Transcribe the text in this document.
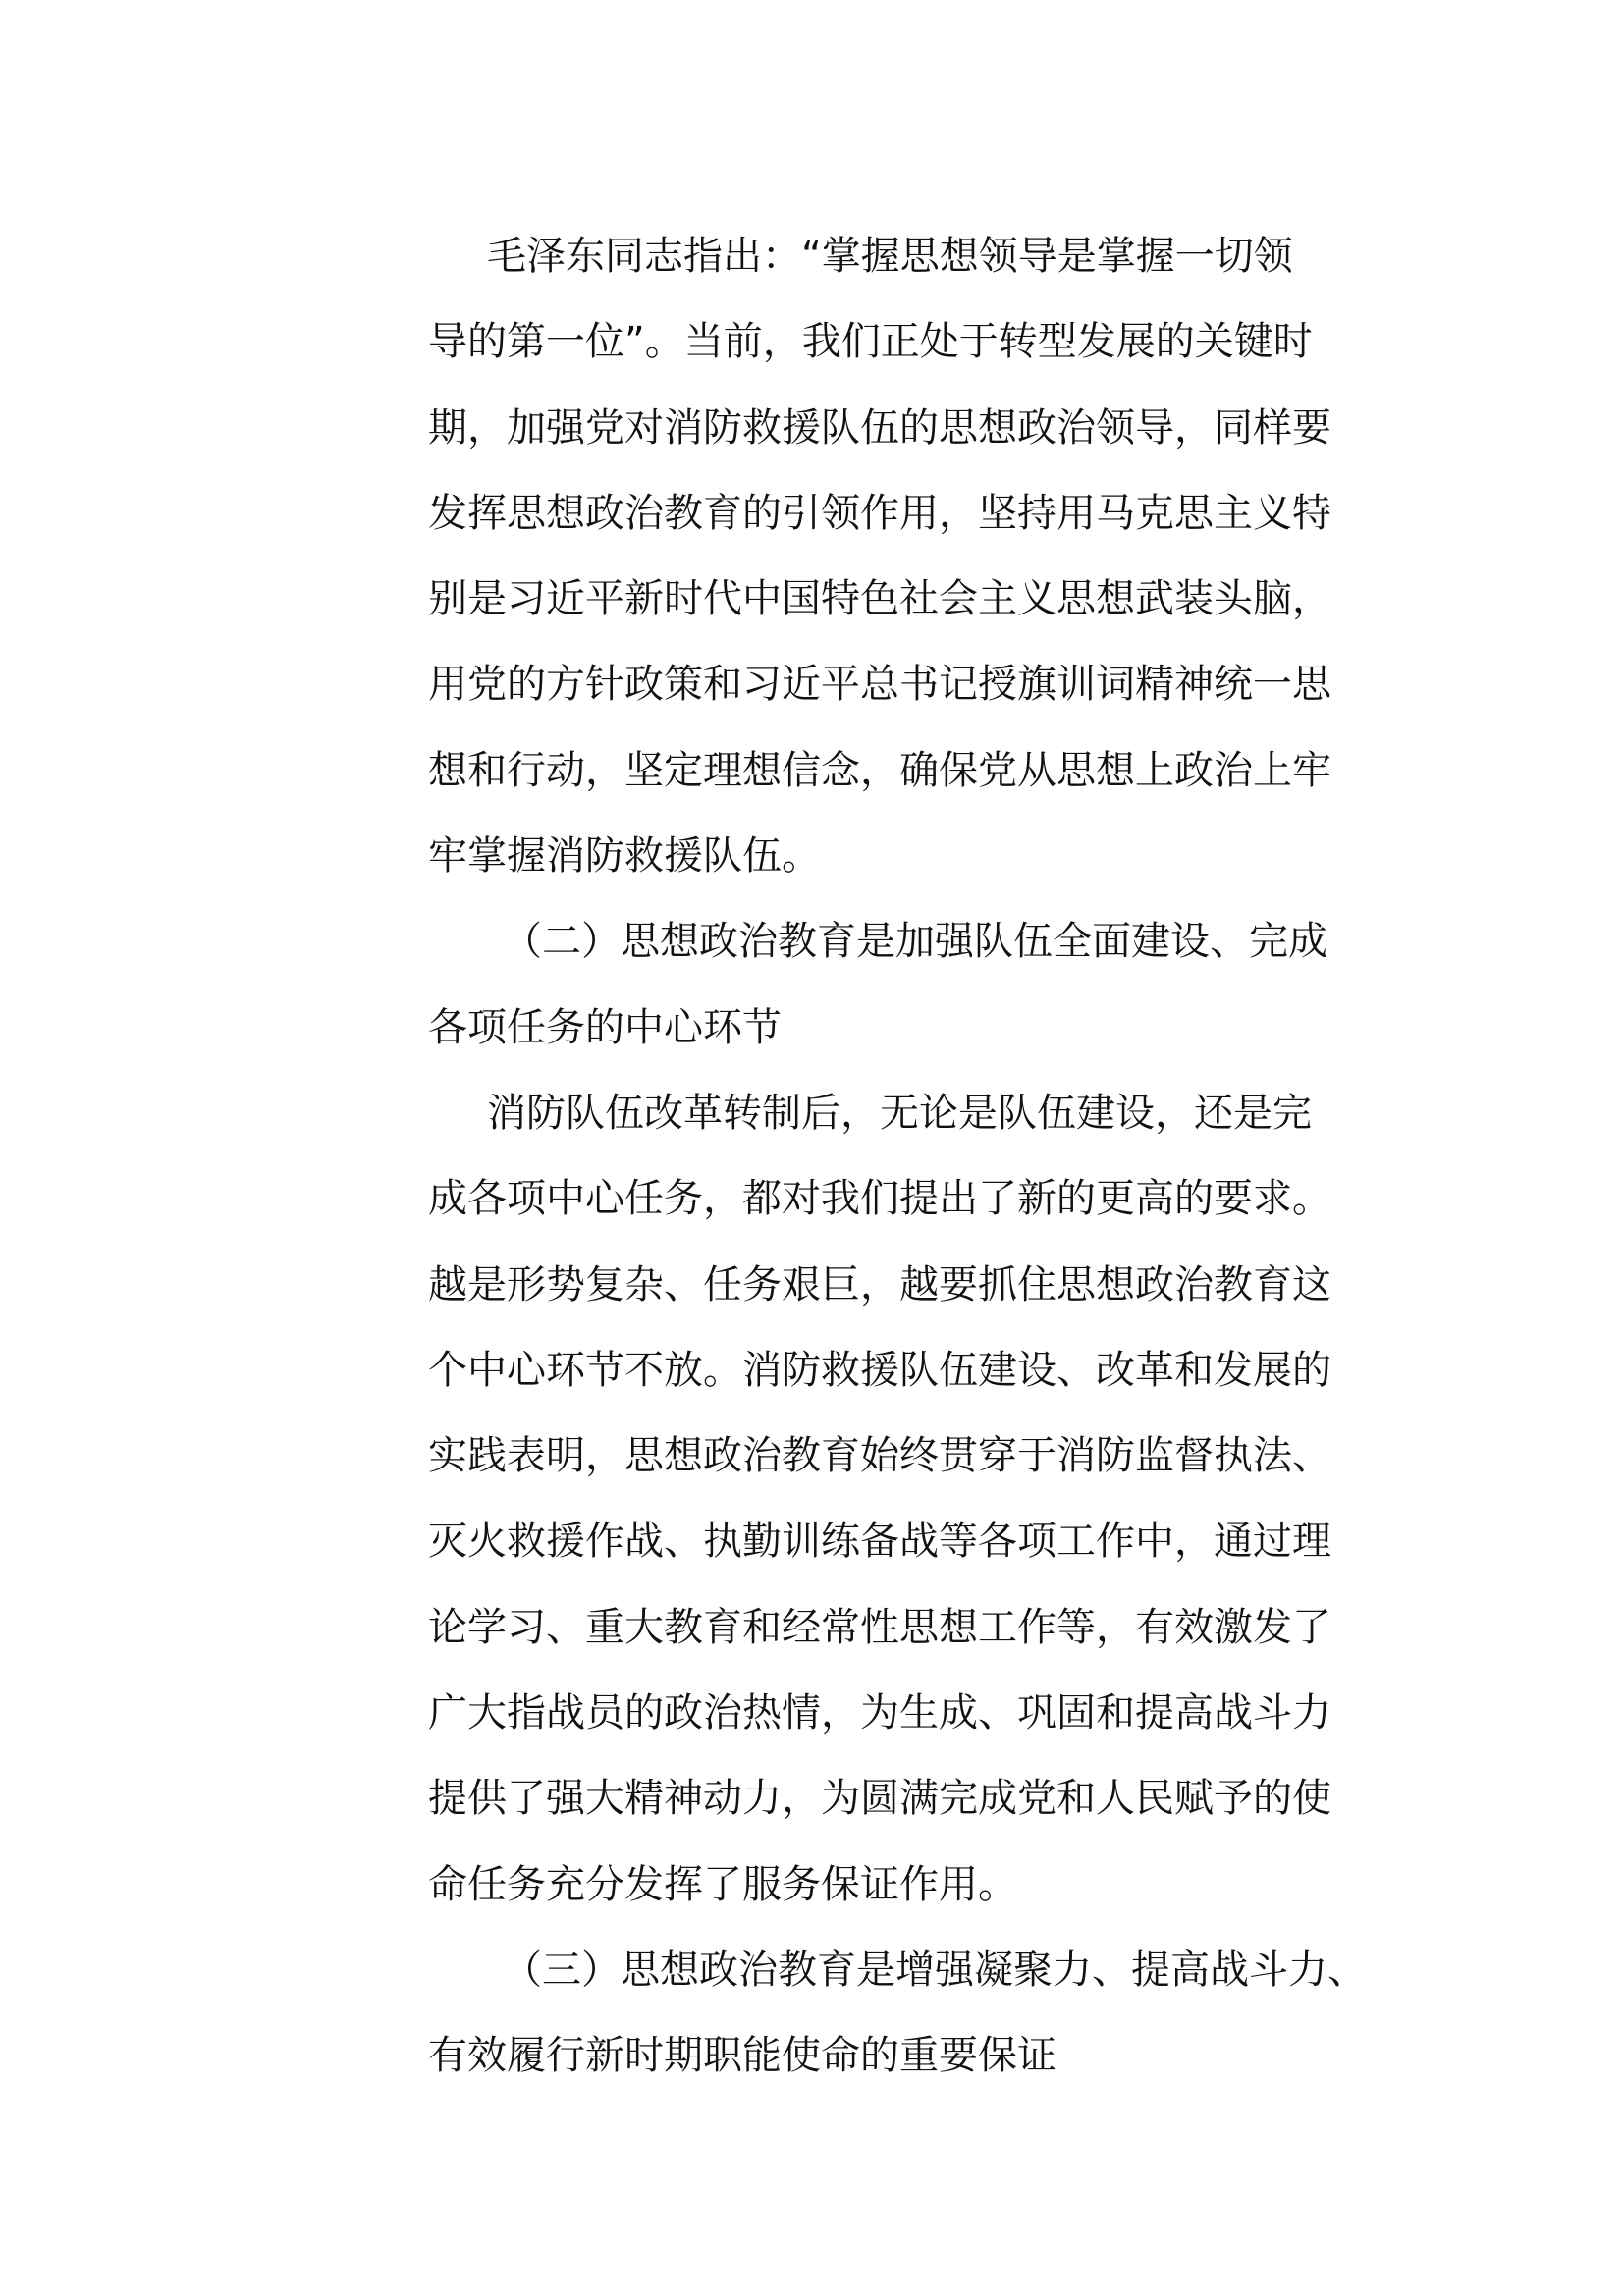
毛泽东同志指出：“掌握思想领导是掌握一切领
导的第一位”。当前，我们正处于转型发展的关键时
期，加强党对消防救援队伍的思想政治领导，同样要
发挥思想政治教育的引领作用，坚持用马克思主义特
别是习近平新时代中国特色社会主义思想武装头脑，
用党的方针政策和习近平总书记授旗训词精神统一思
想和行动，坚定理想信念，确保党从思想上政治上牢
牢掌握消防救援队伍。
（二）思想政治教育是加强队伍全面建设、完成
各项任务的中心环节
消防队伍改革转制后，无论是队伍建设，还是完
成各项中心任务，都对我们提出了新的更高的要求。
越是形势复杂、任务艰巨，越要抓住思想政治教育这
个中心环节不放。消防救援队伍建设、改革和发展的
实践表明，思想政治教育始终贯穿于消防监督执法、
灭火救援作战、执勤训练备战等各项工作中，通过理
论学习、重大教育和经常性思想工作等，有效激发了
广大指战员的政治热情，为生成、巩固和提高战斗力
提供了强大精神动力，为圆满完成党和人民赋予的使
命任务充分发挥了服务保证作用。
（三）思想政治教育是增强凝聚力、提高战斗力、
有效履行新时期职能使命的重要保证
